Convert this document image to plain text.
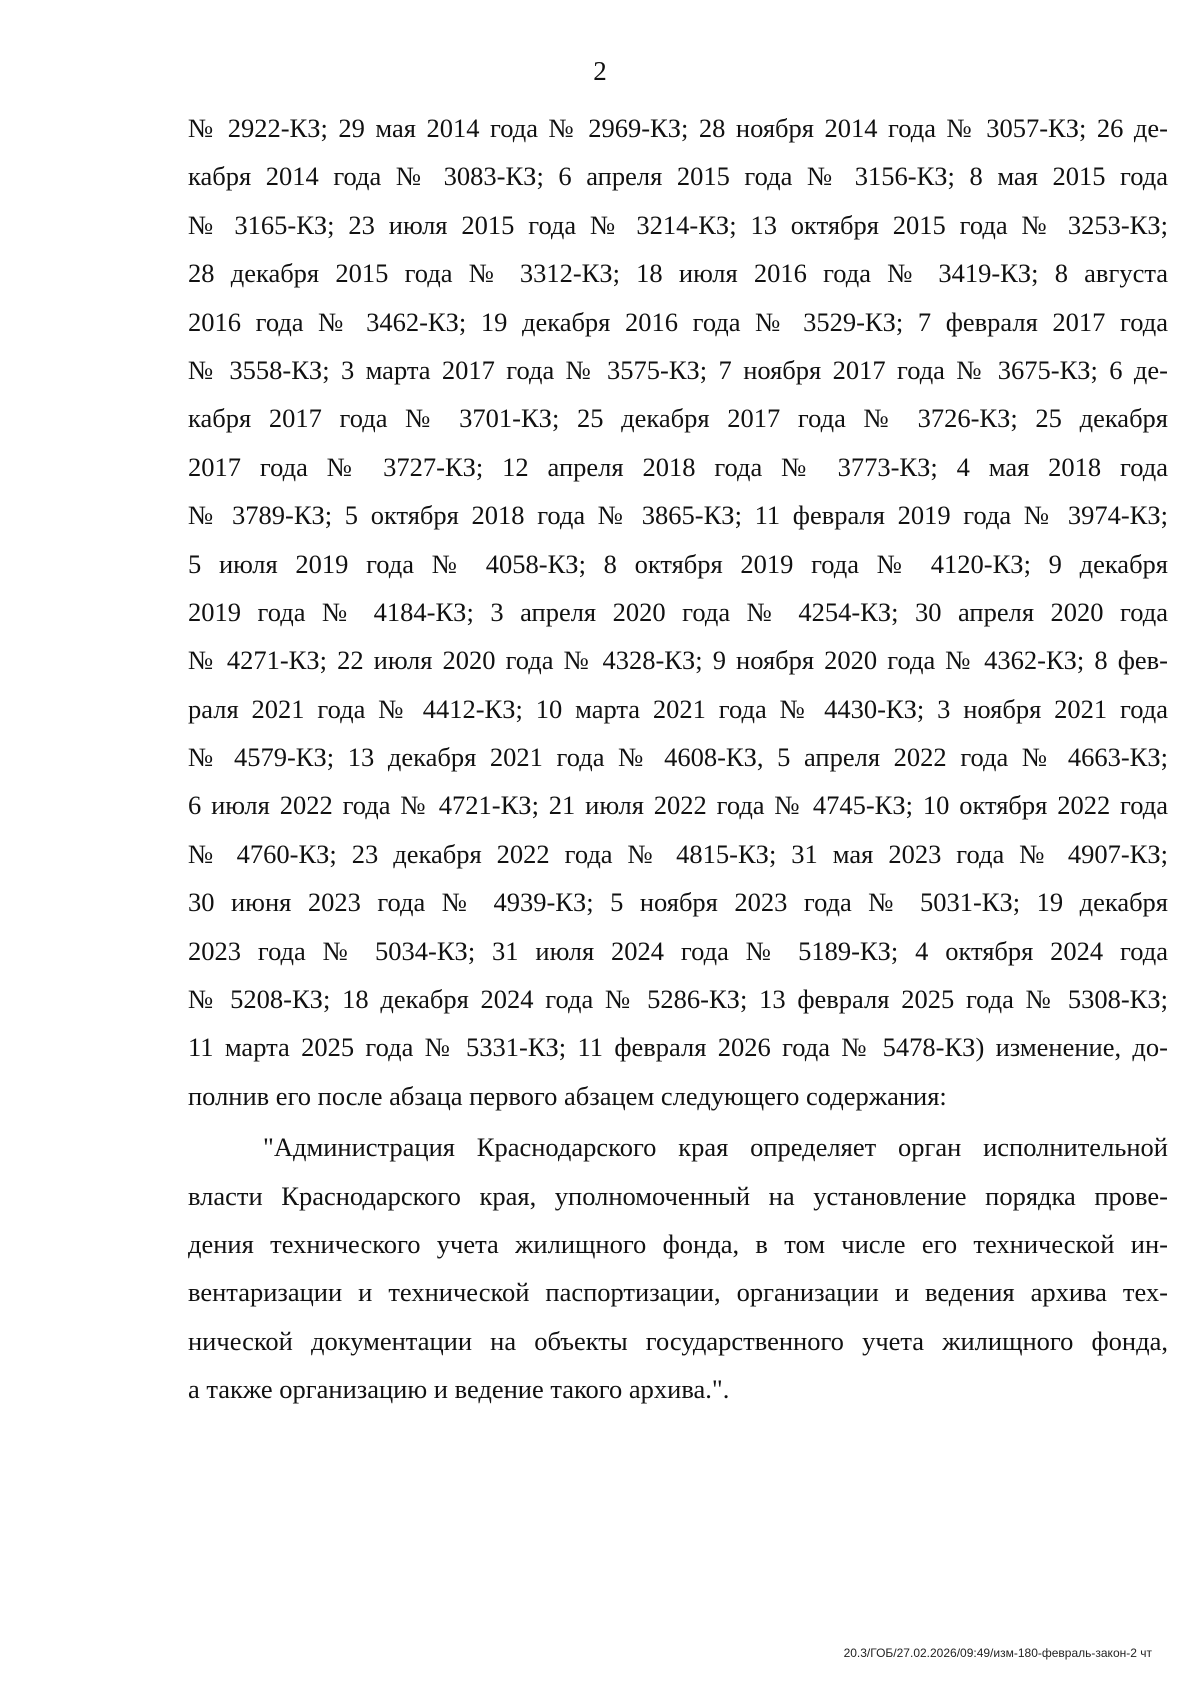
2
№ 2922-КЗ; 29 мая 2014 года № 2969-КЗ; 28 ноября 2014 года № 3057-КЗ; 26 де-
кабря 2014 года № 3083-КЗ; 6 апреля 2015 года № 3156-КЗ; 8 мая 2015 года
№ 3165-КЗ; 23 июля 2015 года № 3214-КЗ; 13 октября 2015 года № 3253-КЗ;
28 декабря 2015 года № 3312-КЗ; 18 июля 2016 года № 3419-КЗ; 8 августа
2016 года № 3462-КЗ; 19 декабря 2016 года № 3529-КЗ; 7 февраля 2017 года
№ 3558-КЗ; 3 марта 2017 года № 3575-КЗ; 7 ноября 2017 года № 3675-КЗ; 6 де-
кабря 2017 года № 3701-КЗ; 25 декабря 2017 года № 3726-КЗ; 25 декабря
2017 года № 3727-КЗ; 12 апреля 2018 года № 3773-КЗ; 4 мая 2018 года
№ 3789-КЗ; 5 октября 2018 года № 3865-КЗ; 11 февраля 2019 года № 3974-КЗ;
5 июля 2019 года № 4058-КЗ; 8 октября 2019 года № 4120-КЗ; 9 декабря
2019 года № 4184-КЗ; 3 апреля 2020 года № 4254-КЗ; 30 апреля 2020 года
№ 4271-КЗ; 22 июля 2020 года № 4328-КЗ; 9 ноября 2020 года № 4362-КЗ; 8 фев-
раля 2021 года № 4412-КЗ; 10 марта 2021 года № 4430-КЗ; 3 ноября 2021 года
№ 4579-КЗ; 13 декабря 2021 года № 4608-КЗ, 5 апреля 2022 года № 4663-КЗ;
6 июля 2022 года № 4721-КЗ; 21 июля 2022 года № 4745-КЗ; 10 октября 2022 года
№ 4760-КЗ; 23 декабря 2022 года № 4815-КЗ; 31 мая 2023 года № 4907-КЗ;
30 июня 2023 года № 4939-КЗ; 5 ноября 2023 года № 5031-КЗ; 19 декабря
2023 года № 5034-КЗ; 31 июля 2024 года № 5189-КЗ; 4 октября 2024 года
№ 5208-КЗ; 18 декабря 2024 года № 5286-КЗ; 13 февраля 2025 года № 5308-КЗ;
11 марта 2025 года № 5331-КЗ; 11 февраля 2026 года № 5478-КЗ) изменение, до-
полнив его после абзаца первого абзацем следующего содержания:
"Администрация Краснодарского края определяет орган исполнительной
власти Краснодарского края, уполномоченный на установление порядка прове-
дения технического учета жилищного фонда, в том числе его технической ин-
вентаризации и технической паспортизации, организации и ведения архива тех-
нической документации на объекты государственного учета жилищного фонда,
а также организацию и ведение такого архива.".
20.3/ГОБ/27.02.2026/09:49/изм-180-февраль-закон-2 чт
